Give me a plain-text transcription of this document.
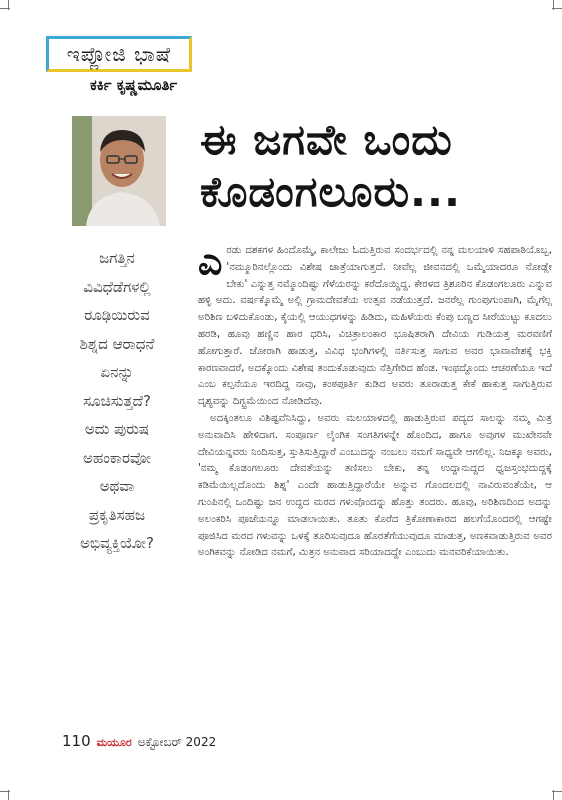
ಇಪ್ಲೋಜಿ ಭಾಷೆ
ಕರ್ಕಿ ಕೃಷ್ಣಮೂರ್ತಿ
ಈ ಜಗವೇ ಒಂದು
ಕೊಡಂಗಲೂರು...
ಜಗತ್ತಿನ
ವಿವಿಧೆಡೆಗಳಲ್ಲಿ
ರೂಢಿಯಿರುವ
ಶಿಶ್ನದ ಆರಾಧನೆ
ಏನನ್ನು
ಸೂಚಿಸುತ್ತದೆ?
ಅದು ಪುರುಷ
ಅಹಂಕಾರವೋ
ಅಥವಾ
ಪ್ರಕೃತಿಸಹಜ
ಅಭಿವ್ಯಕ್ತಿಯೋ?

ಎರಡು ದಶಕಗಳ ಹಿಂದೊಮ್ಮೆ, ಕಾಲೇಜು ಓದುತ್ತಿರುವ ಸಂದರ್ಭದಲ್ಲಿ ನನ್ನ ಮಲಯಾಳಿ ಸಹಪಾಠಿಯೊಬ್ಬ, 'ನಮ್ಮೂರಿನಲ್ಲೊಂದು ವಿಶೇಷ ಜಾತ್ರೆಯಾಗುತ್ತದೆ. ನೀವೆಲ್ಲ ಜೀವನದಲ್ಲಿ ಒಮ್ಮೆಯಾದರೂ ನೋಡ್ಲೇ ಬೇಕು' ಎನ್ನುತ್ತ ನಮ್ಮೊಂದಿಷ್ಟು ಗೆಳೆಯರನ್ನು ಕರೆದೊಯ್ದಿದ್ದ. ಕೇರಳದ ತ್ರಿಶೂರಿನ ಕೊಡಂಗಲೂರು ಎನ್ನುವ ಹಳ್ಳಿ ಅದು. ವರ್ಷಕ್ಕೊಮ್ಮೆ ಅಲ್ಲಿ ಗ್ರಾಮದೇವತೆಯ ಉತ್ಸವ ನಡೆಯುತ್ತದೆ. ಜನರೆಲ್ಲ ಗುಂಪುಗುಂಪಾಗಿ, ಮೈಗೆಲ್ಲ ಅರಿಶಿಣ ಬಳಿದುಕೊಂಡು, ಕೈಯಲ್ಲಿ ಆಯುಧಗಳನ್ನು ಹಿಡಿದು, ಮಹಿಳೆಯರು ಕೆಂಪು ಬಣ್ಣದ ಸೀರೆಯುಟ್ಟು ಕೂದಲು ಹರಡಿ, ಹೂವು ಹಣ್ಣಿನ ಹಾರ ಧರಿಸಿ, ವಿಚಿತ್ರಾಲಂಕಾರ ಭೂಷಿತರಾಗಿ ದೇವಿಯ ಗುಡಿಯತ್ತ ಮರವಣಿಗೆ ಹೋಗುತ್ತಾರೆ. ಜೋರಾಗಿ ಹಾಡುತ್ತ, ವಿವಿಧ ಭಂಗಿಗಳಲ್ಲಿ ನರ್ತಿಸುತ್ತ ಸಾಗುವ ಅವರ ಭಾವಾವೇಶಕ್ಕೆ ಭಕ್ತಿ ಕಾರಣವಾದರೆ, ಅದಕ್ಕೊಂದು ವಿಶೇಷ ತಂದುಕೊಡುವುದು ನೆತ್ತಿಗೇರಿದ ಹೆಂಡ. ಇಂಥದ್ದೊಂದು ಆಚರಣೆಯೂ ಇದೆ ಎಂಬ ಕಲ್ಪನೆಯೂ ಇರದಿದ್ದ ನಾವು, ಕಂಠಪೂರ್ತಿ ಕುಡಿದ ಅವರು ತೂರಾಡುತ್ತ ಕೇಕೆ ಹಾಕುತ್ತ ಸಾಗುತ್ತಿರುವ ದೃಶ್ಯವನ್ನು ದಿಗ್ಭ್ರಮೆಯಿಂದ ನೋಡಿದೆವು.

ಅದಕ್ಕಿಂತಲೂ ವಿಶಿಷ್ಟವೆನಿಸಿದ್ದು, ಅವರು ಮಲಯಾಳದಲ್ಲಿ ಹಾಡುತ್ತಿರುವ ಪದ್ಯದ ಸಾಲನ್ನು ನಮ್ಮ ಮಿತ್ರ ಅನುವಾದಿಸಿ ಹೇಳಿದಾಗ. ಸಂಪೂರ್ಣ ಲೈಂಗಿಕ ಸಂಗತಿಗಳನ್ನೇ ಹೊಂದಿದ, ಹಾಗೂ ಅವುಗಳ ಮುಖೇನವೇ ದೇವಿಯನ್ನವರು ನಿಂದಿಸುತ್ತ, ಸ್ತುತಿಸುತ್ತಿದ್ದಾರೆ ಎಂಬುದನ್ನು ನಂಬಲು ನಮಗೆ ಸಾಧ್ಯವೇ ಆಗಲಿಲ್ಲ. ನಿಜಕ್ಕೂ ಅವರು, 'ನಮ್ಮ ಕೊಡಂಗಲೂರು ದೇವತೆಯನ್ನು ತಣಿಸಲು ಬೇಕು, ತನ್ನ ಉದ್ದಾನುದ್ದದ ಧ್ವಜಸ್ತಂಭದುದ್ದಕ್ಕೆ ಕಡಿಮೆಯಿಲ್ಲದೊಂದು ಶಿಶ್ನ' ಎಂದೇ ಹಾಡುತ್ತಿದ್ದಾರೆಯೇ ಅನ್ನುವ ಗೊಂದಲದಲ್ಲಿ ನಾವಿರುವಂತೆಯೇ, ಆ ಗುಂಪಿನಲ್ಲಿ ಒಂದಿಷ್ಟು ಜನ ಉದ್ದದ ಮರದ ಗಳುವೊಂದನ್ನು ಹೊತ್ತು ತಂದರು. ಹೂವು, ಅರಿಶಿಣದಿಂದ ಅದನ್ನು ಅಲಂಕರಿಸಿ ಪೂಜೆಯನ್ನೂ ಮಾಡಲಾಯಿತು. ತೂತು ಕೊರೆದ ತ್ರಿಕೋಣಾಕಾರದ ಹಲಗೆಯೊಂದರಲ್ಲಿ ಆಗಷ್ಟೇ ಪೂಜಿಸಿದ ಮರದ ಗಳುವನ್ನು ಒಳಕ್ಕೆ ತೂರಿಸುವುದೂ ಹೊರತೆಗೆಯುವುದೂ ಮಾಡುತ್ತ, ಅಣಕವಾಡುತ್ತಿರುವ ಅವರ ಅಂಗಿಕವನ್ನು ನೋಡಿದ ನಮಗೆ, ಮಿತ್ರನ ಅನುವಾದ ಸರಿಯಾದದ್ದೇ ಎಂಬುದು ಮನವರಿಕೆಯಾಯಿತು.

110 ಮಯೂರ ಅಕ್ಟೋಬರ್ 2022
